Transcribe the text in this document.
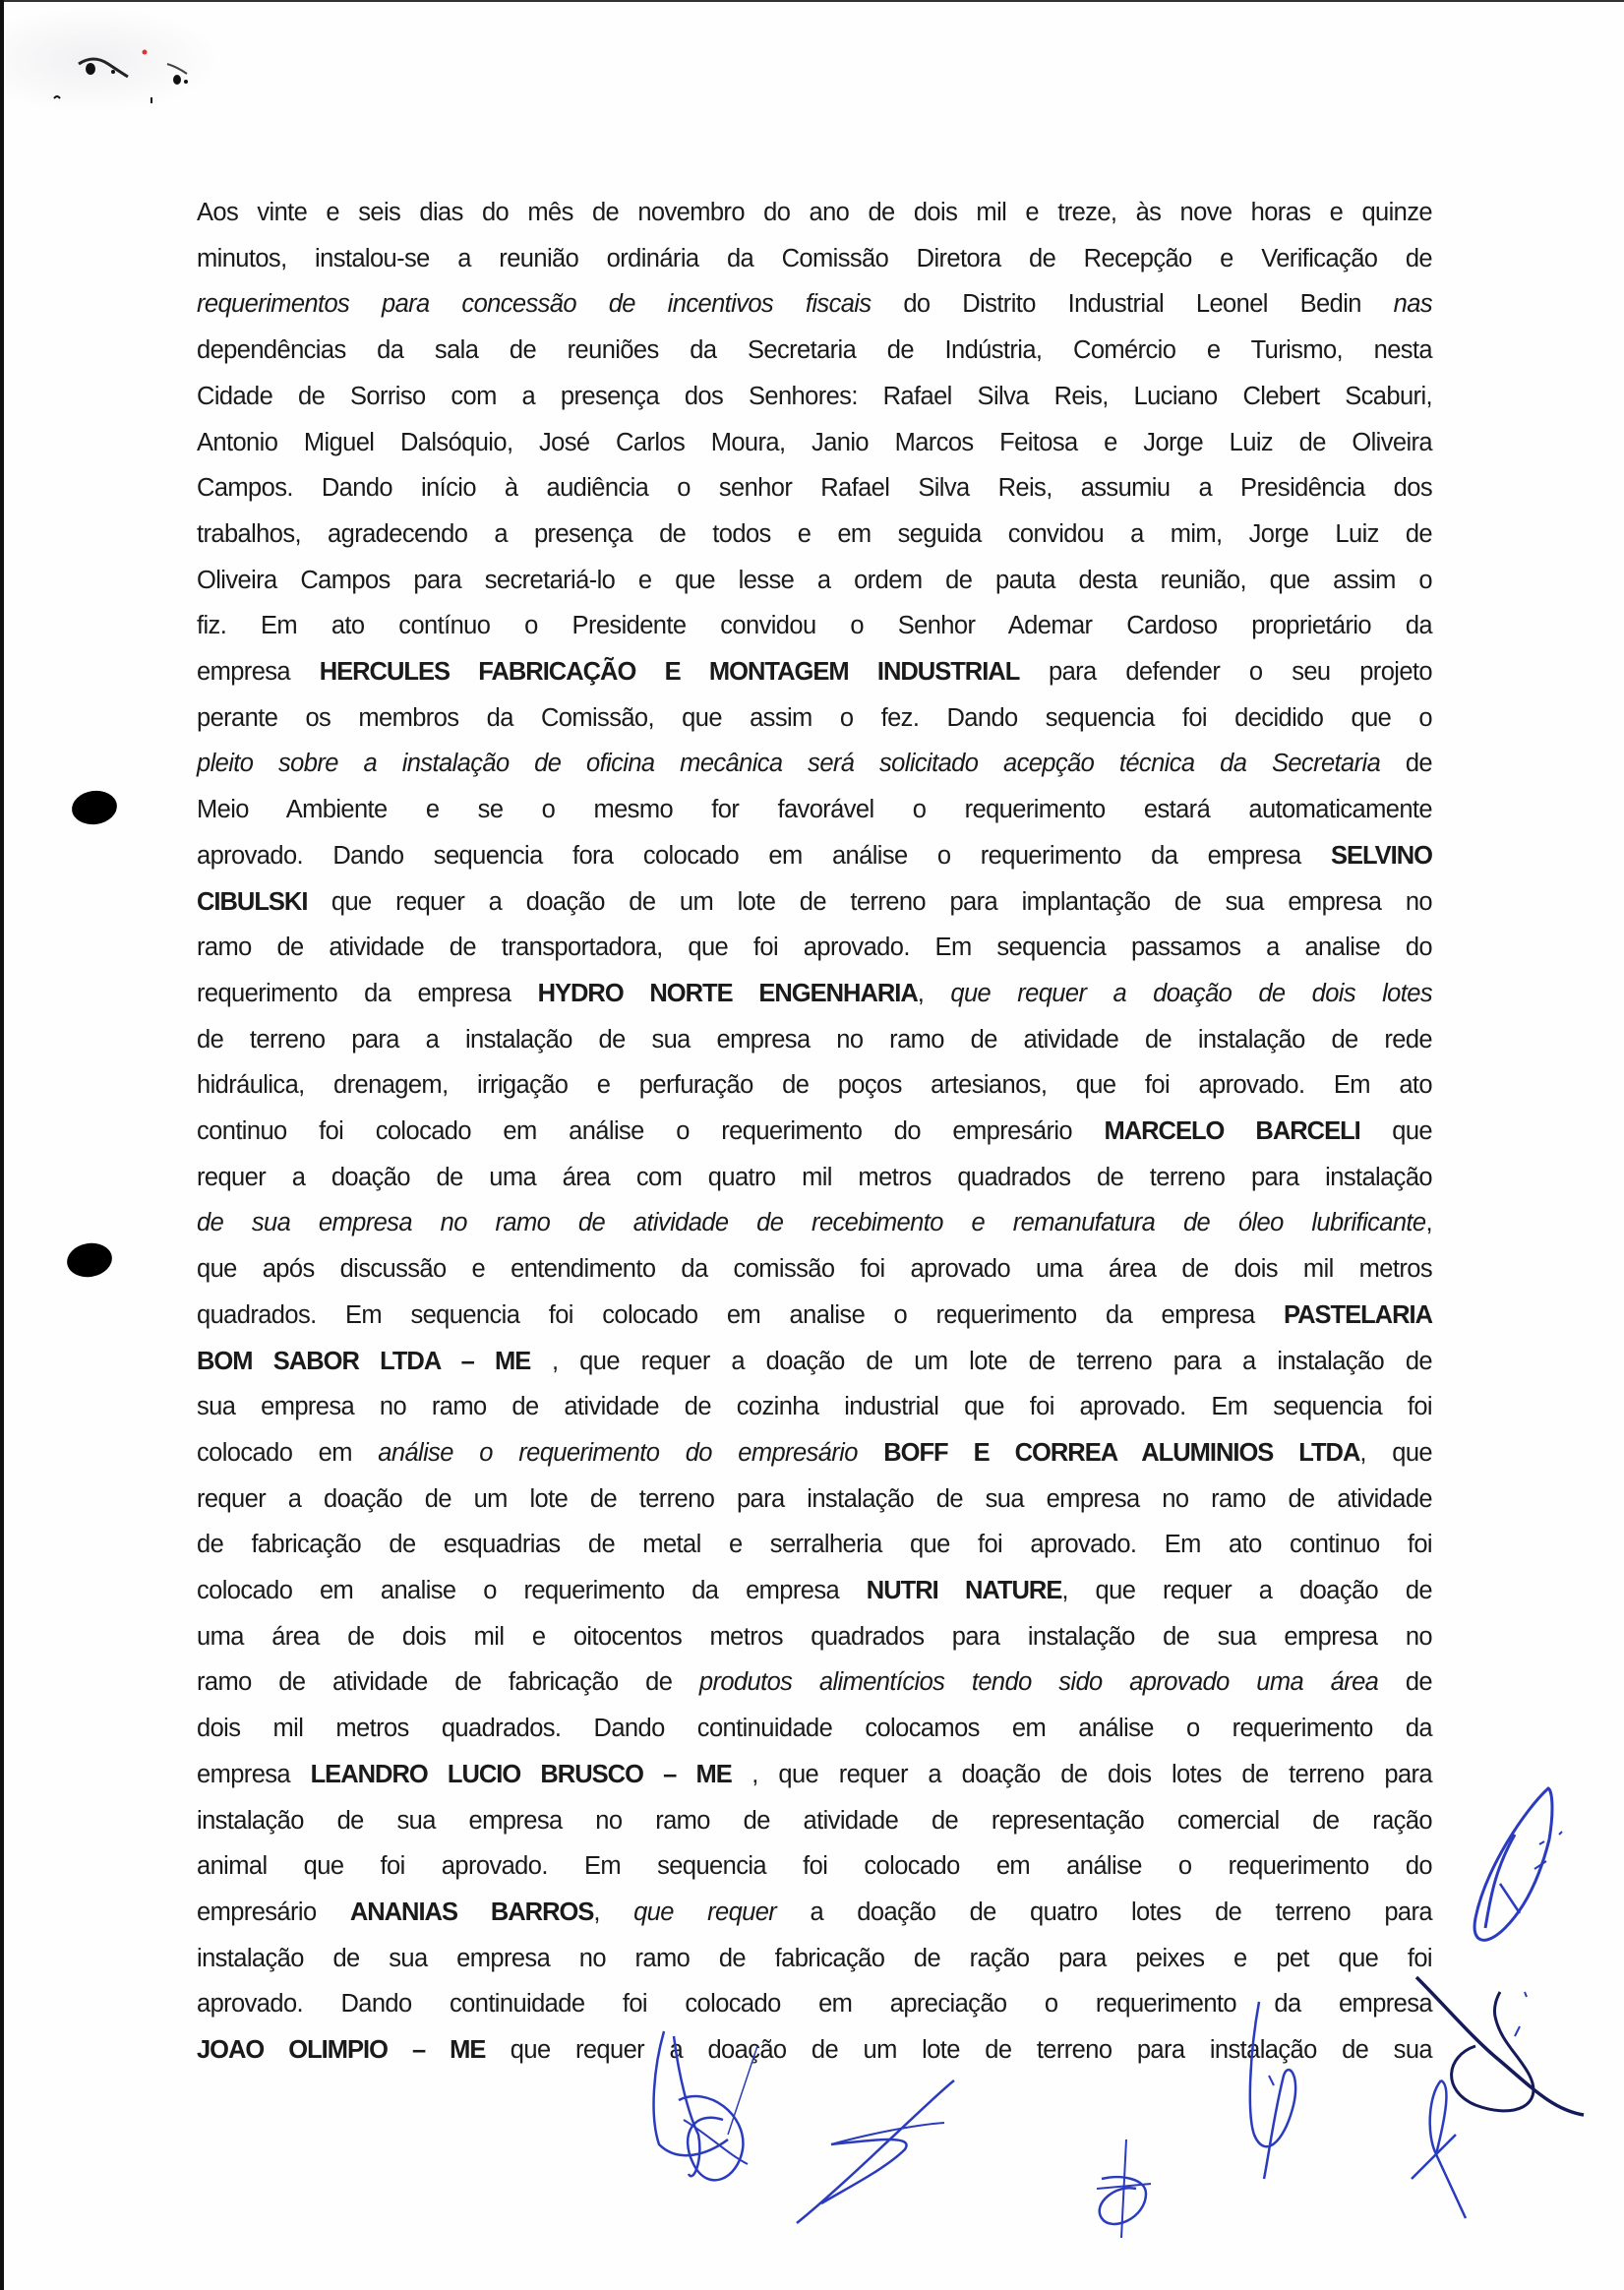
Aos vinte e seis dias do mês de novembro do ano de dois mil e treze, às nove horas e quinze
minutos, instalou-se a reunião ordinária da Comissão Diretora de Recepção e Verificação de
requerimentos para concessão de incentivos fiscais do Distrito Industrial Leonel Bedin nas
dependências da sala de reuniões da Secretaria de Indústria, Comércio e Turismo, nesta
Cidade de Sorriso com a presença dos Senhores: Rafael Silva Reis, Luciano Clebert Scaburi,
Antonio Miguel Dalsóquio, José Carlos Moura, Janio Marcos Feitosa e Jorge Luiz de Oliveira
Campos. Dando início à audiência o senhor Rafael Silva Reis, assumiu a Presidência dos
trabalhos, agradecendo a presença de todos e em seguida convidou a mim, Jorge Luiz de
Oliveira Campos para secretariá-lo e que lesse a ordem de pauta desta reunião, que assim o
fiz. Em ato contínuo o Presidente convidou o Senhor Ademar Cardoso proprietário da
empresa HERCULES FABRICAÇÃO E MONTAGEM INDUSTRIAL para defender o seu projeto
perante os membros da Comissão, que assim o fez. Dando sequencia foi decidido que o
pleito sobre a instalação de oficina mecânica será solicitado acepção técnica da Secretaria de
Meio Ambiente e se o mesmo for favorável o requerimento estará automaticamente
aprovado. Dando sequencia fora colocado em análise o requerimento da empresa SELVINO
CIBULSKI que requer a doação de um lote de terreno para implantação de sua empresa no
ramo de atividade de transportadora, que foi aprovado. Em sequencia passamos a analise do
requerimento da empresa HYDRO NORTE ENGENHARIA, que requer a doação de dois lotes
de terreno para a instalação de sua empresa no ramo de atividade de instalação de rede
hidráulica, drenagem, irrigação e perfuração de poços artesianos, que foi aprovado. Em ato
continuo foi colocado em análise o requerimento do empresário MARCELO BARCELI que
requer a doação de uma área com quatro mil metros quadrados de terreno para instalação
de sua empresa no ramo de atividade de recebimento e remanufatura de óleo lubrificante,
que após discussão e entendimento da comissão foi aprovado uma área de dois mil metros
quadrados. Em sequencia foi colocado em analise o requerimento da empresa PASTELARIA
BOM SABOR LTDA – ME , que requer a doação de um lote de terreno para a instalação de
sua empresa no ramo de atividade de cozinha industrial que foi aprovado. Em sequencia foi
colocado em análise o requerimento do empresário BOFF E CORREA ALUMINIOS LTDA, que
requer a doação de um lote de terreno para instalação de sua empresa no ramo de atividade
de fabricação de esquadrias de metal e serralheria que foi aprovado. Em ato continuo foi
colocado em analise o requerimento da empresa NUTRI NATURE, que requer a doação de
uma área de dois mil e oitocentos metros quadrados para instalação de sua empresa no
ramo de atividade de fabricação de produtos alimentícios tendo sido aprovado uma área de
dois mil metros quadrados. Dando continuidade colocamos em análise o requerimento da
empresa LEANDRO LUCIO BRUSCO – ME , que requer a doação de dois lotes de terreno para
instalação de sua empresa no ramo de atividade de representação comercial de ração
animal que foi aprovado. Em sequencia foi colocado em análise o requerimento do
empresário ANANIAS BARROS, que requer a doação de quatro lotes de terreno para
instalação de sua empresa no ramo de fabricação de ração para peixes e pet que foi
aprovado. Dando continuidade foi colocado em apreciação o requerimento da empresa
JOAO OLIMPIO – ME que requer a doação de um lote de terreno para instalação de sua
